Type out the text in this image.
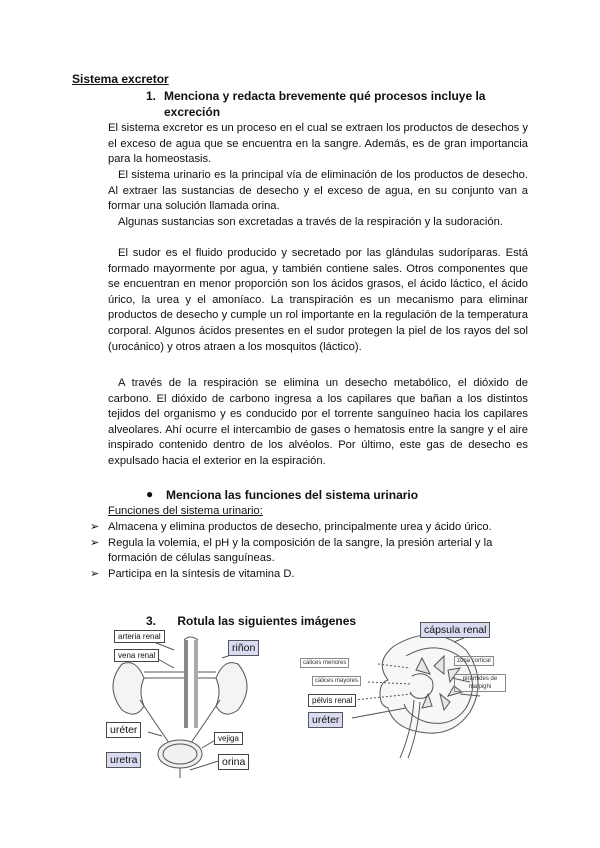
Sistema excretor
1. Menciona y redacta brevemente qué procesos incluye la excreción

El sistema excretor es un proceso en el cual se extraen los productos de desechos y el exceso de agua que se encuentra en la sangre. Además, es de gran importancia para la homeostasis.

El sistema urinario es la principal vía de eliminación de los productos de desecho. Al extraer las sustancias de desecho y el exceso de agua, en su conjunto van a formar una solución llamada orina.

Algunas sustancias son excretadas a través de la respiración y la sudoración.

El sudor es el fluido producido y secretado por las glándulas sudoríparas. Está formado mayormente por agua, y también contiene sales. Otros componentes que se encuentran en menor proporción son los ácidos grasos, el ácido láctico, el ácido úrico, la urea y el amoníaco. La transpiración es un mecanismo para eliminar productos de desecho y cumple un rol importante en la regulación de la temperatura corporal. Algunos ácidos presentes en el sudor protegen la piel de los rayos del sol (urocánico) y otros atraen a los mosquitos (láctico).

A través de la respiración se elimina un desecho metabólico, el dióxido de carbono. El dióxido de carbono ingresa a los capilares que bañan a los distintos tejidos del organismo y es conducido por el torrente sanguíneo hacia los capilares alveolares. Ahí ocurre el intercambio de gases o hematosis entre la sangre y el aire inspirado contenido dentro de los alvéolos. Por último, este gas de desecho es expulsado hacia el exterior en la espiración.

● Menciona las funciones del sistema urinario
Funciones del sistema urinario:
➢ Almacena y elimina productos de desecho, principalmente urea y ácido úrico.
➢ Regula la volemia, el pH y la composición de la sangre, la presión arterial y la formación de células sanguíneas.
➢ Participa en la síntesis de vitamina D.
3. Rotula las siguientes imágenes
arteria renal
vena renal
riñon
uréter
vejiga
uretra	orina
cápsula renal
cálices menores	zona cortical
cálices mayores	pirámides de malpighi
pélvis renal
uréter
